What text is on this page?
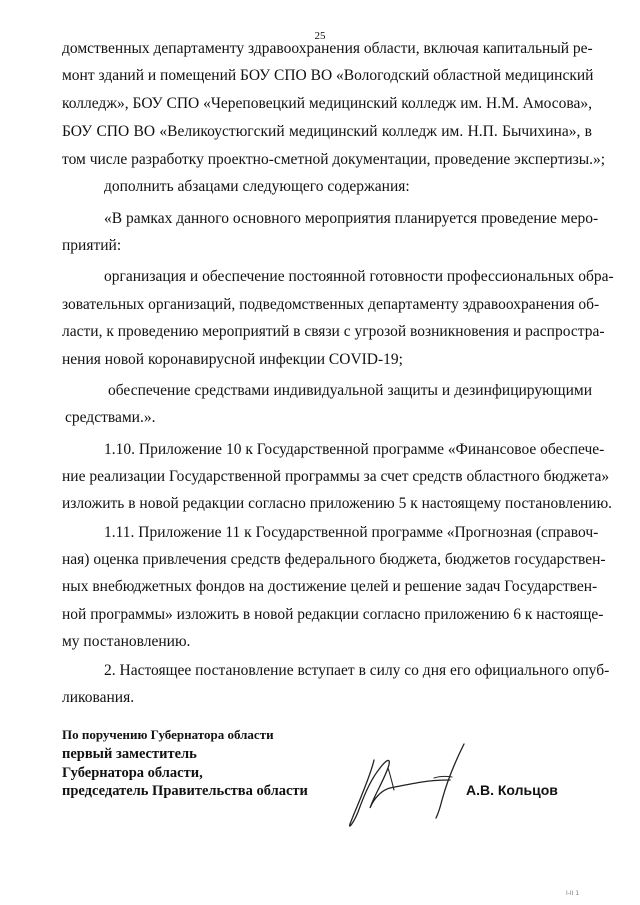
25
домственных департаменту здравоохранения области, включая капитальный ре-
монт зданий и помещений БОУ СПО ВО «Вологодский областной медицинский
колледж», БОУ СПО «Череповецкий медицинский колледж им. Н.М. Амосова»,
БОУ СПО ВО «Великоустюгский медицинский колледж им. Н.П. Бычихина», в
том числе разработку проектно-сметной документации, проведение экспертизы.»;
дополнить абзацами следующего содержания:
«В рамках данного основного мероприятия планируется проведение меро-
приятий:
организация и обеспечение постоянной готовности профессиональных обра-
зовательных организаций, подведомственных департаменту здравоохранения об-
ласти, к проведению мероприятий в связи с угрозой возникновения и распростра-
нения новой коронавирусной инфекции COVID-19;
обеспечение средствами индивидуальной защиты и дезинфицирующими
средствами.».
1.10. Приложение 10 к Государственной программе «Финансовое обеспече-
ние реализации Государственной программы за счет средств областного бюджета»
изложить в новой редакции согласно приложению 5 к настоящему постановлению.
1.11. Приложение 11 к Государственной программе «Прогнозная (справоч-
ная) оценка привлечения средств федерального бюджета, бюджетов государствен-
ных внебюджетных фондов на достижение целей и решение задач Государствен-
ной программы» изложить в новой редакции согласно приложению 6 к настояще-
му постановлению.
2. Настоящее постановление вступает в силу со дня его официального опуб-
ликования.
По поручению Губернатора области
первый заместитель
Губернатора области,
председатель Правительства области	А.В. Кольцов
I-II 1
